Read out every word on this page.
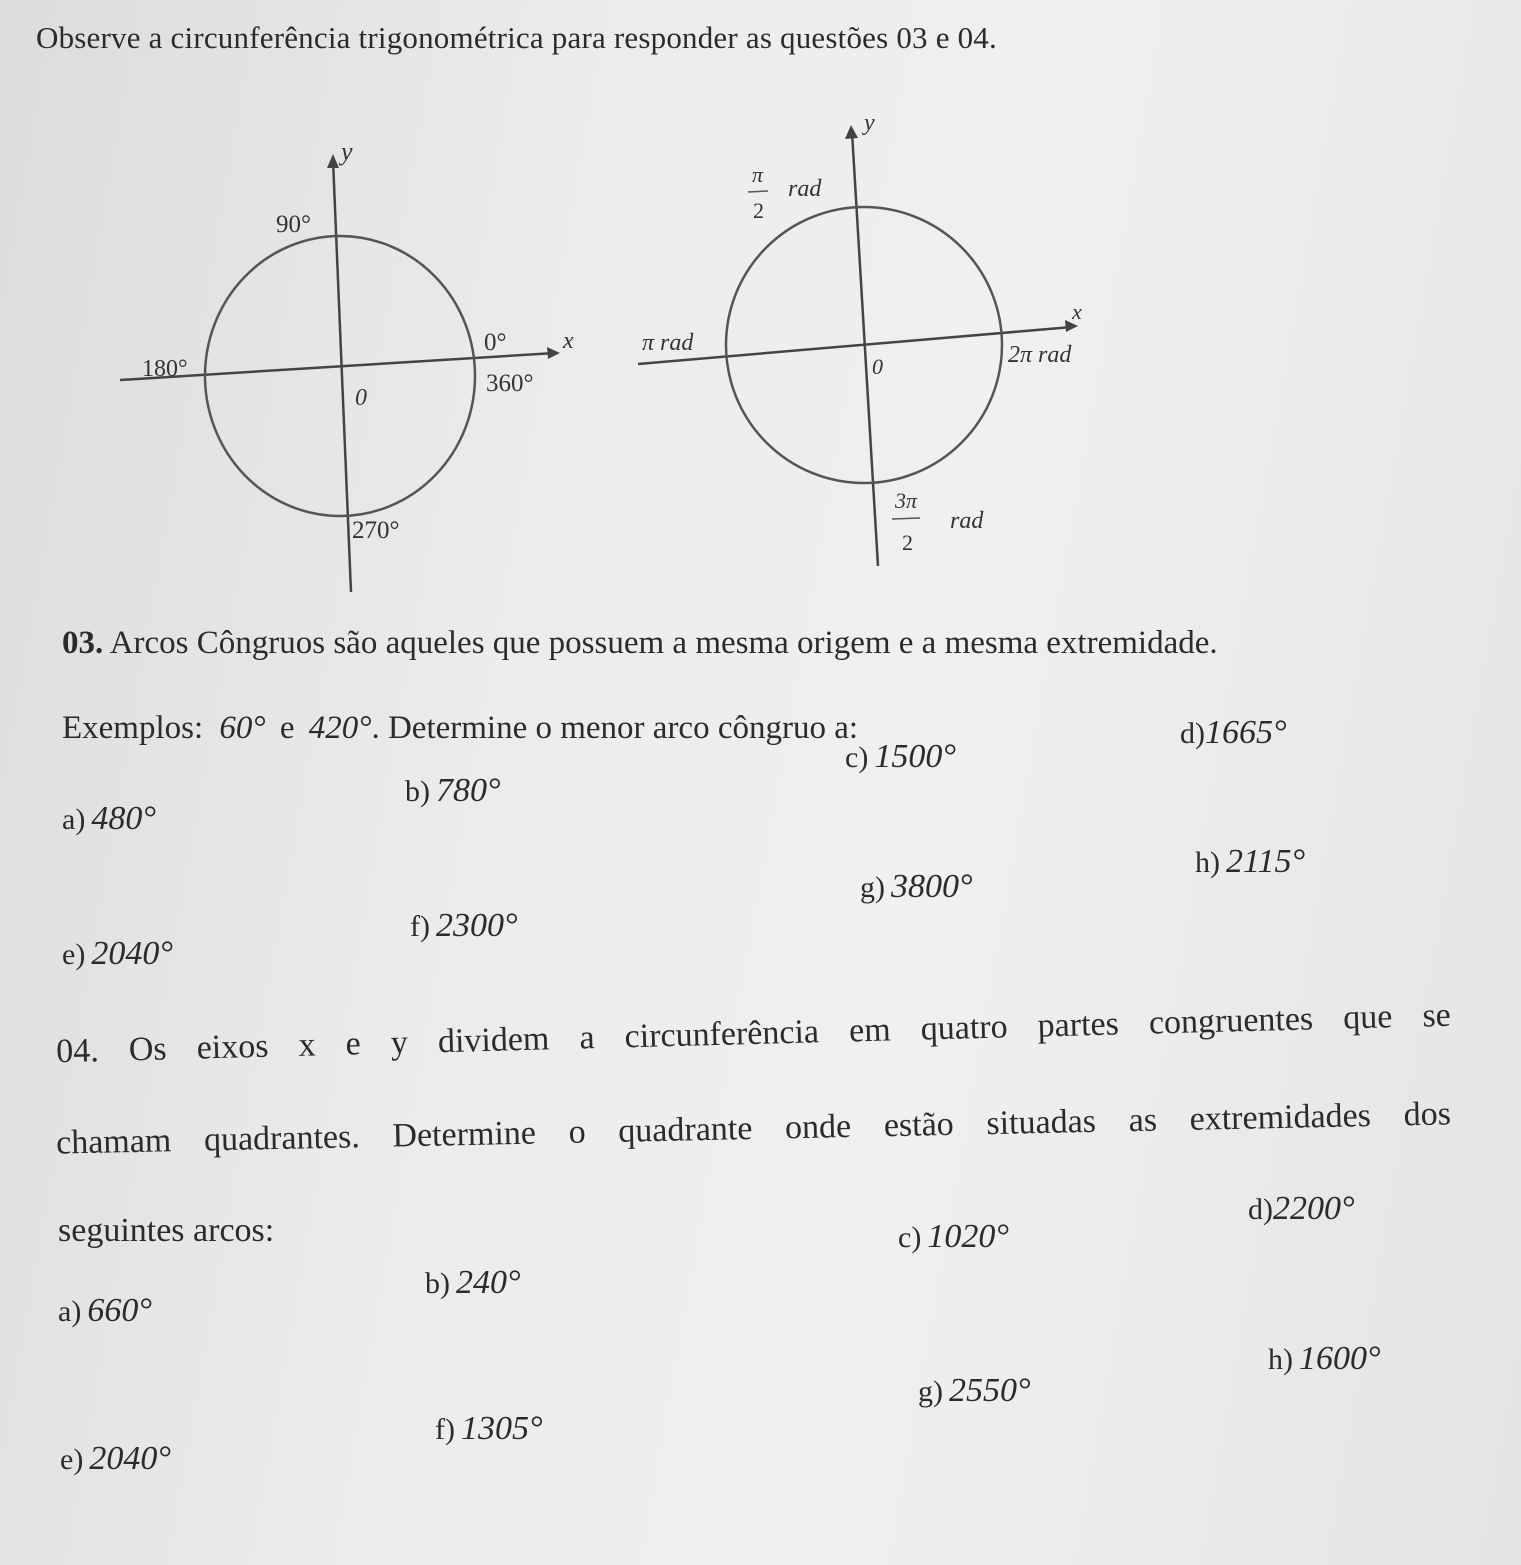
Observe a circunferência trigonométrica para responder as questões 03 e 04.
y
x
90°
180°
0°
360°
0
270°
y
x
π
2
rad
π rad
0	2π rad
3π
2
rad
03. Arcos Côngruos são aqueles que possuem a mesma origem e a mesma extremidade.
Exemplos: 60° e 420°. Determine o menor arco côngruo a:
a) 480°
b) 780°
c) 1500°
d)1665°
e) 2040°
f) 2300°
g) 3800°
h) 2115°
04. Os eixos x e y dividem a circunferência em quatro partes congruentes que se
chamam quadrantes. Determine o quadrante onde estão situadas as extremidades dos
seguintes arcos:
a) 660°
b) 240°
c) 1020°
d)2200°
e) 2040°
f) 1305°
g) 2550°
h) 1600°
